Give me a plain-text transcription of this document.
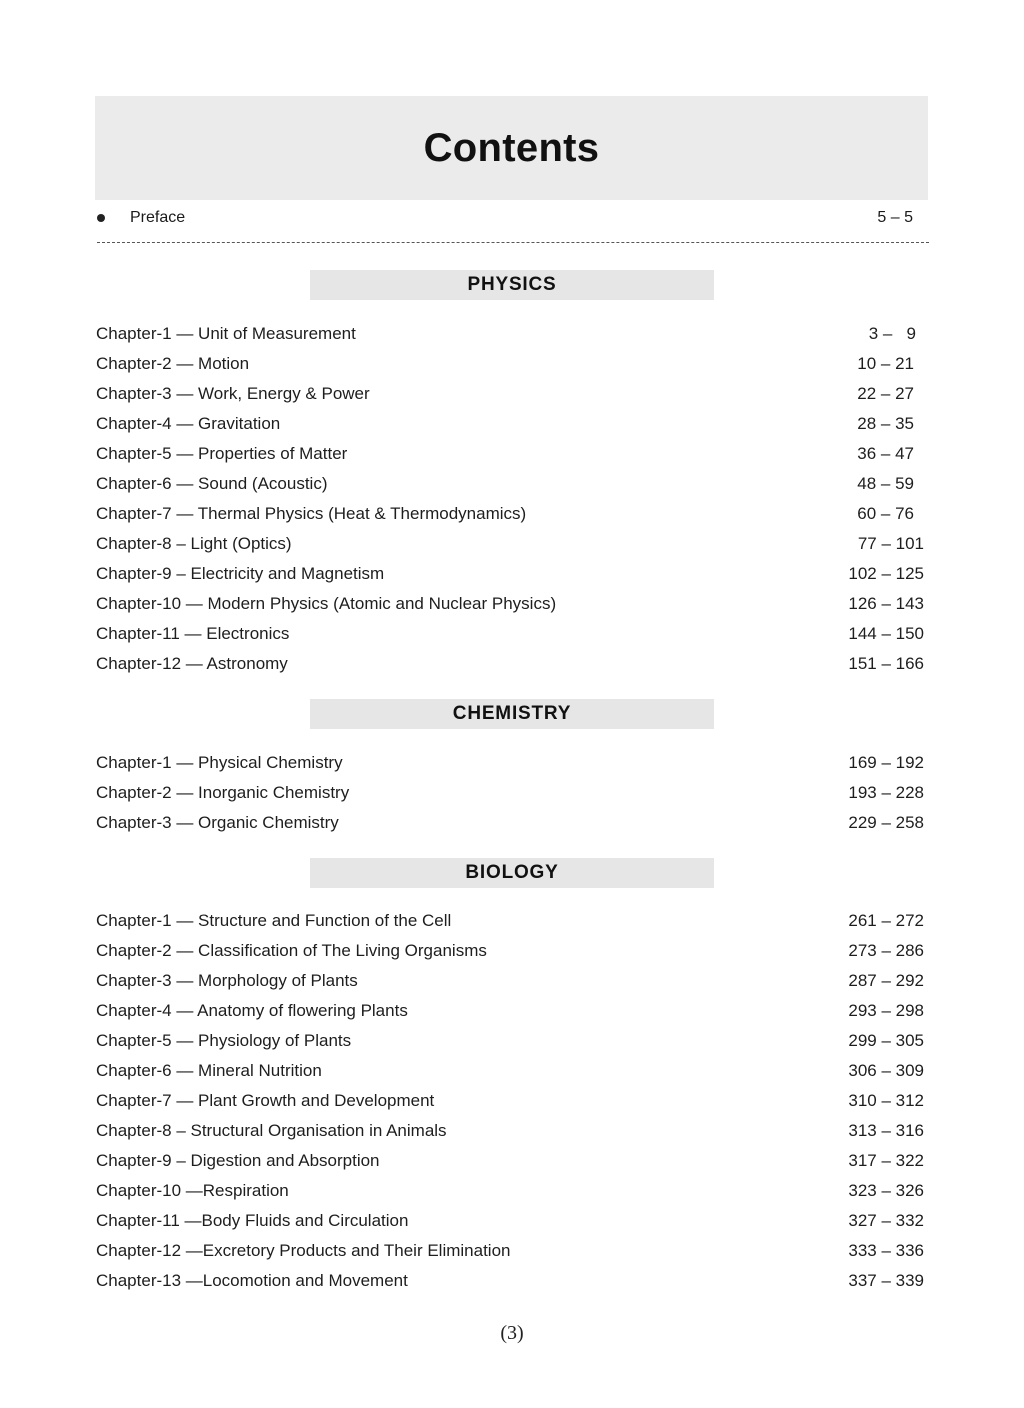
Contents
Preface	5 – 5
PHYSICS
Chapter-1 — Unit of Measurement	3 –   9
Chapter-2 — Motion	10 – 21
Chapter-3 — Work, Energy & Power	22 – 27
Chapter-4 — Gravitation	28 – 35
Chapter-5 — Properties of Matter	36 – 47
Chapter-6 — Sound (Acoustic)	48 – 59
Chapter-7 — Thermal Physics (Heat & Thermodynamics)	60 – 76
Chapter-8 – Light (Optics)	77 – 101
Chapter-9 – Electricity and Magnetism	102 – 125
Chapter-10 — Modern Physics (Atomic and Nuclear Physics)	126 – 143
Chapter-11 — Electronics	144 – 150
Chapter-12 — Astronomy	151 – 166
CHEMISTRY
Chapter-1 — Physical Chemistry	169 – 192
Chapter-2 — Inorganic Chemistry	193 – 228
Chapter-3 — Organic Chemistry	229 – 258
BIOLOGY
Chapter-1 — Structure and Function of the Cell	261 – 272
Chapter-2 — Classification of The Living Organisms	273 – 286
Chapter-3 — Morphology of Plants	287 – 292
Chapter-4 — Anatomy of flowering Plants	293 – 298
Chapter-5 — Physiology of Plants	299 – 305
Chapter-6 — Mineral Nutrition	306 – 309
Chapter-7 — Plant Growth and Development	310 – 312
Chapter-8 – Structural Organisation in Animals	313 – 316
Chapter-9 – Digestion and Absorption	317 – 322
Chapter-10 —Respiration	323 – 326
Chapter-11 —Body Fluids and Circulation	327 – 332
Chapter-12 —Excretory Products and Their Elimination	333 – 336
Chapter-13 —Locomotion and Movement	337 – 339
(3)
